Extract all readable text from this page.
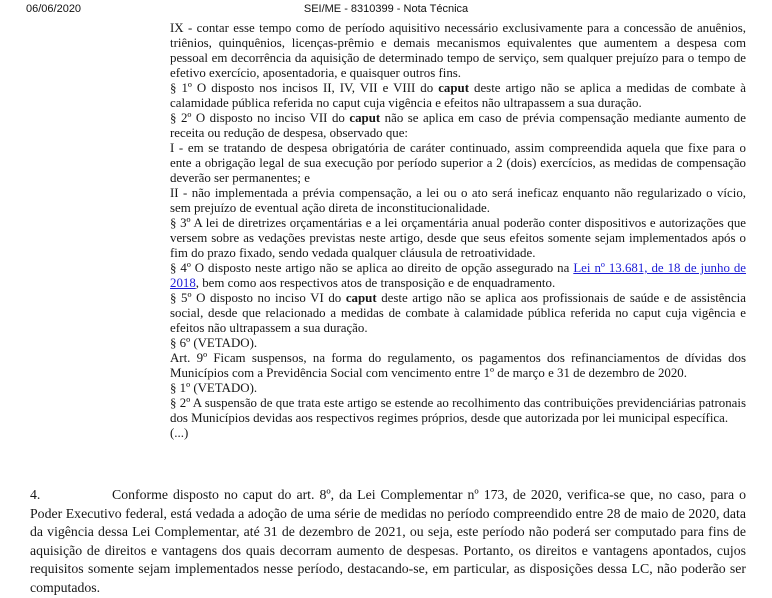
06/06/2020	SEI/ME - 8310399 - Nota Técnica

IX - contar esse tempo como de período aquisitivo necessário exclusivamente para a concessão de anuênios, triênios, quinquênios, licenças-prêmio e demais mecanismos equivalentes que aumentem a despesa com pessoal em decorrência da aquisição de determinado tempo de serviço, sem qualquer prejuízo para o tempo de efetivo exercício, aposentadoria, e quaisquer outros fins.

§ 1º O disposto nos incisos II, IV, VII e VIII do caput deste artigo não se aplica a medidas de combate à calamidade pública referida no caput cuja vigência e efeitos não ultrapassem a sua duração.

§ 2º O disposto no inciso VII do caput não se aplica em caso de prévia compensação mediante aumento de receita ou redução de despesa, observado que:

I - em se tratando de despesa obrigatória de caráter continuado, assim compreendida aquela que fixe para o ente a obrigação legal de sua execução por período superior a 2 (dois) exercícios, as medidas de compensação deverão ser permanentes; e

II - não implementada a prévia compensação, a lei ou o ato será ineficaz enquanto não regularizado o vício, sem prejuízo de eventual ação direta de inconstitucionalidade.

§ 3º A lei de diretrizes orçamentárias e a lei orçamentária anual poderão conter dispositivos e autorizações que versem sobre as vedações previstas neste artigo, desde que seus efeitos somente sejam implementados após o fim do prazo fixado, sendo vedada qualquer cláusula de retroatividade.

§ 4º O disposto neste artigo não se aplica ao direito de opção assegurado na Lei nº 13.681, de 18 de junho de 2018, bem como aos respectivos atos de transposição e de enquadramento.

§ 5º O disposto no inciso VI do caput deste artigo não se aplica aos profissionais de saúde e de assistência social, desde que relacionado a medidas de combate à calamidade pública referida no caput cuja vigência e efeitos não ultrapassem a sua duração.

§ 6º (VETADO).

Art. 9º Ficam suspensos, na forma do regulamento, os pagamentos dos refinanciamentos de dívidas dos Municípios com a Previdência Social com vencimento entre 1º de março e 31 de dezembro de 2020.

§ 1º (VETADO).

§ 2º A suspensão de que trata este artigo se estende ao recolhimento das contribuições previdenciárias patronais dos Municípios devidas aos respectivos regimes próprios, desde que autorizada por lei municipal específica.

(...)

4.	Conforme disposto no caput do art. 8º, da Lei Complementar nº 173, de 2020, verifica-se que, no caso, para o Poder Executivo federal, está vedada a adoção de uma série de medidas no período compreendido entre 28 de maio de 2020, data da vigência dessa Lei Complementar, até 31 de dezembro de 2021, ou seja, este período não poderá ser computado para fins de aquisição de direitos e vantagens dos quais decorram aumento de despesas. Portanto, os direitos e vantagens apontados, cujos requisitos somente sejam implementados nesse período, destacando-se, em particular, as disposições dessa LC, não poderão ser computados.
